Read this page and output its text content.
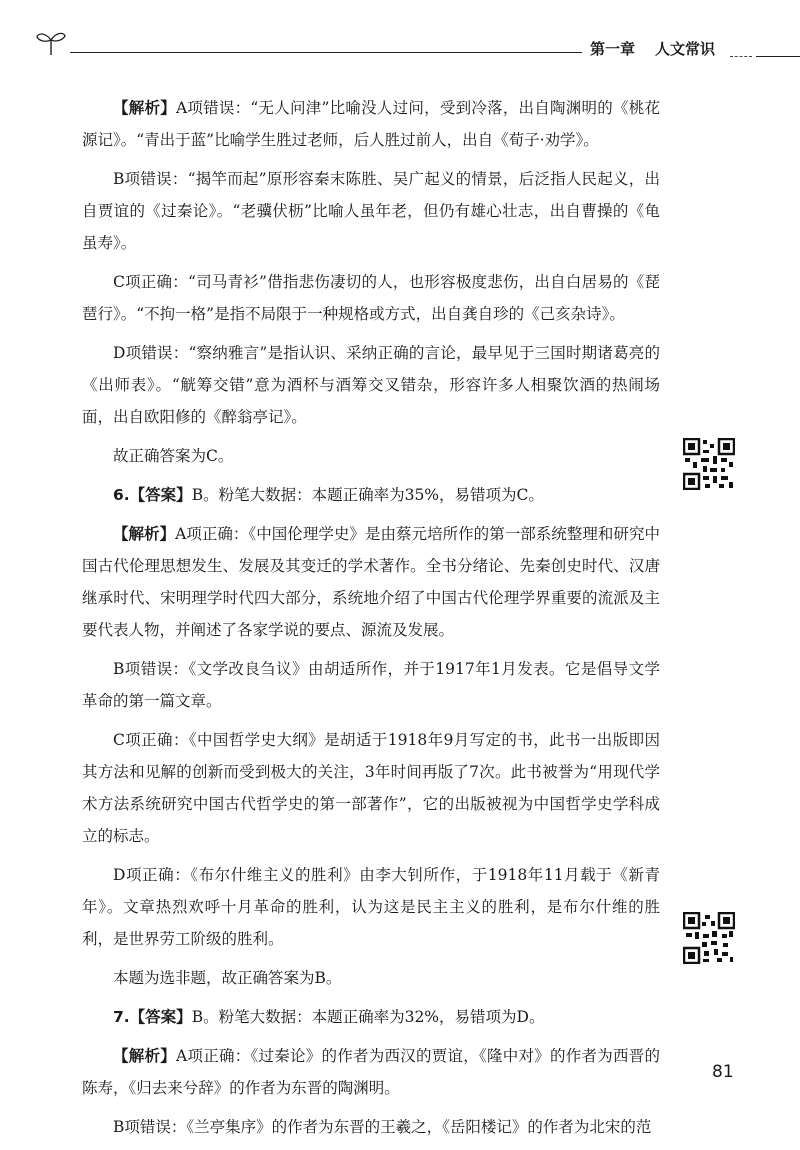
第一章 人文常识

【解析】A项错误：“无人问津”比喻没人过问，受到冷落，出自陶渊明的《桃花源记》。“青出于蓝”比喻学生胜过老师，后人胜过前人，出自《荀子·劝学》。

B项错误：“揭竿而起”原形容秦末陈胜、吴广起义的情景，后泛指人民起义，出自贾谊的《过秦论》。“老骥伏枥”比喻人虽年老，但仍有雄心壮志，出自曹操的《龟虽寿》。

C项正确：“司马青衫”借指悲伤凄切的人，也形容极度悲伤，出自白居易的《琵琶行》。“不拘一格”是指不局限于一种规格或方式，出自龚自珍的《己亥杂诗》。

D项错误：“察纳雅言”是指认识、采纳正确的言论，最早见于三国时期诸葛亮的《出师表》。“觥筹交错”意为酒杯与酒筹交叉错杂，形容许多人相聚饮酒的热闹场面，出自欧阳修的《醉翁亭记》。

故正确答案为C。

6.【答案】B。粉笔大数据：本题正确率为35%，易错项为C。

【解析】A项正确：《中国伦理学史》是由蔡元培所作的第一部系统整理和研究中国古代伦理思想发生、发展及其变迁的学术著作。全书分绪论、先秦创史时代、汉唐继承时代、宋明理学时代四大部分，系统地介绍了中国古代伦理学界重要的流派及主要代表人物，并阐述了各家学说的要点、源流及发展。

B项错误：《文学改良刍议》由胡适所作，并于1917年1月发表。它是倡导文学革命的第一篇文章。

C项正确：《中国哲学史大纲》是胡适于1918年9月写定的书，此书一出版即因其方法和见解的创新而受到极大的关注，3年时间再版了7次。此书被誉为“用现代学术方法系统研究中国古代哲学史的第一部著作”，它的出版被视为中国哲学史学科成立的标志。

D项正确：《布尔什维主义的胜利》由李大钊所作，于1918年11月载于《新青年》。文章热烈欢呼十月革命的胜利，认为这是民主主义的胜利，是布尔什维的胜利，是世界劳工阶级的胜利。

本题为选非题，故正确答案为B。

7.【答案】B。粉笔大数据：本题正确率为32%，易错项为D。

【解析】A项正确：《过秦论》的作者为西汉的贾谊，《隆中对》的作者为西晋的陈寿，《归去来兮辞》的作者为东晋的陶渊明。

B项错误：《兰亭集序》的作者为东晋的王羲之，《岳阳楼记》的作者为北宋的范

81
